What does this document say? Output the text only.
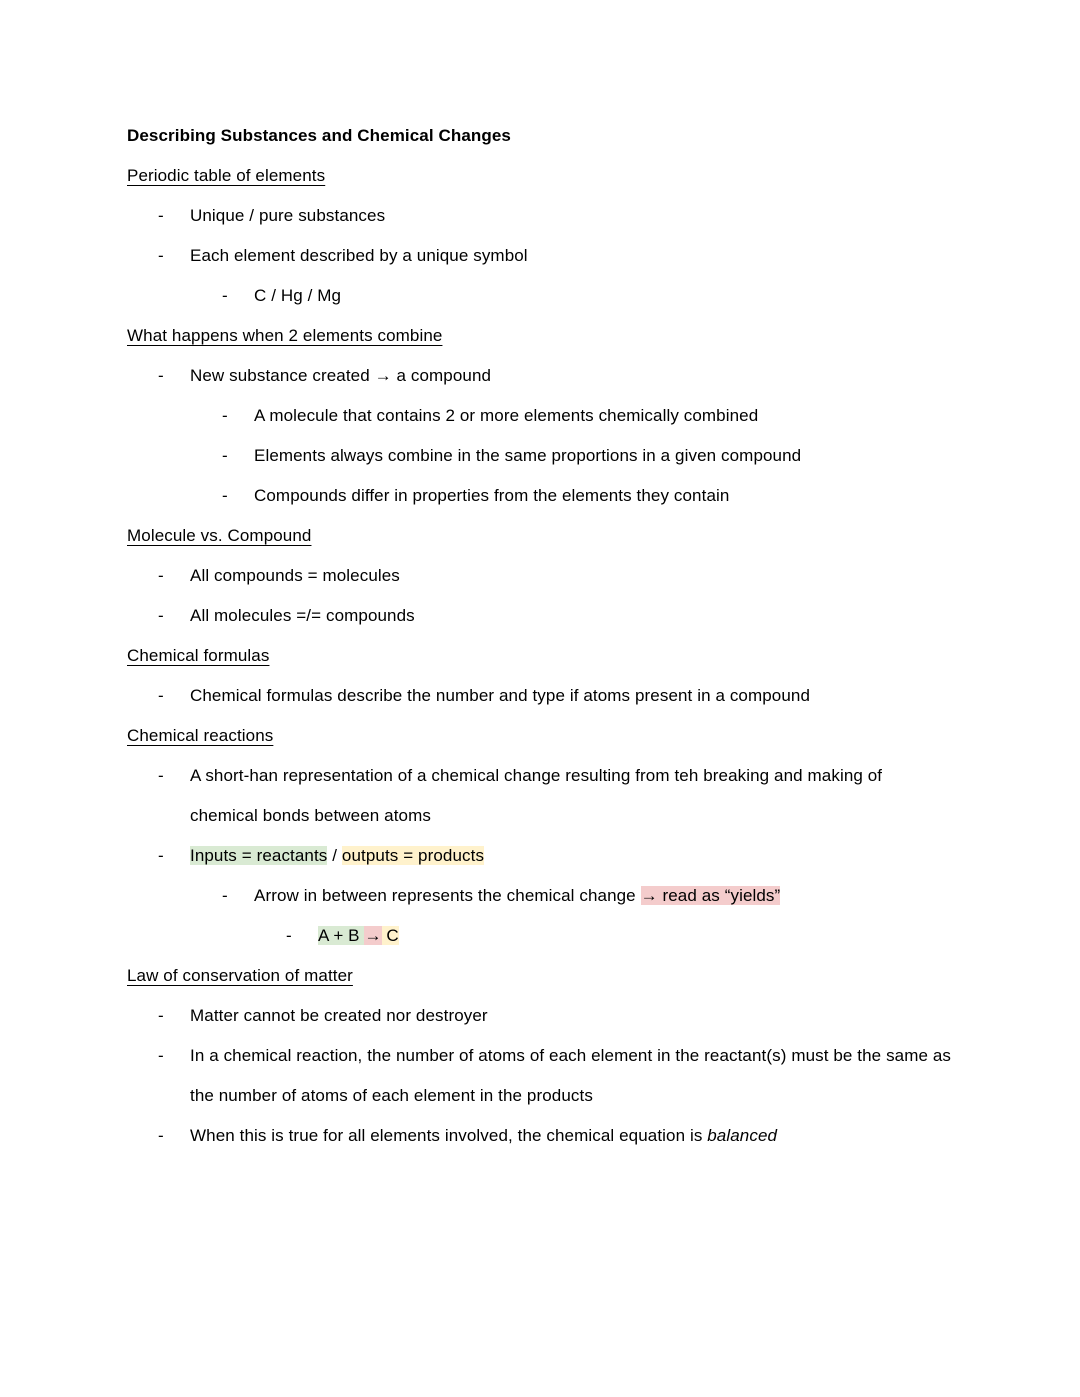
Describing Substances and Chemical Changes
Periodic table of elements
-	Unique / pure substances
-	Each element described by a unique symbol
-	C / Hg / Mg
What happens when 2 elements combine
-	New substance created → a compound
-	A molecule that contains 2 or more elements chemically combined
-	Elements always combine in the same proportions in a given compound
-	Compounds differ in properties from the elements they contain
Molecule vs. Compound
-	All compounds = molecules
-	All molecules =/= compounds
Chemical formulas
-	Chemical formulas describe the number and type if atoms present in a compound
Chemical reactions
-	A short-han representation of a chemical change resulting from teh breaking and making of chemical bonds between atoms
-	Inputs = reactants / outputs = products
-	Arrow in between represents the chemical change → read as “yields”
-	A + B → C
Law of conservation of matter
-	Matter cannot be created nor destroyer
-	In a chemical reaction, the number of atoms of each element in the reactant(s) must be the same as the number of atoms of each element in the products
-	When this is true for all elements involved, the chemical equation is balanced
